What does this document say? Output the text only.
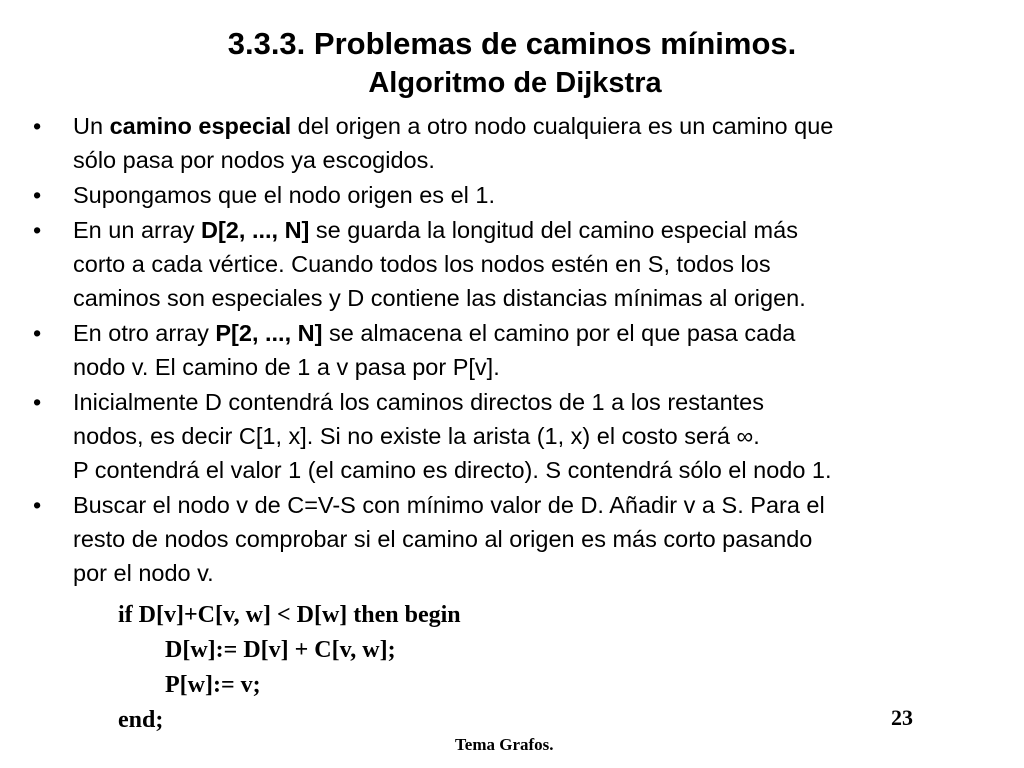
3.3.3. Problemas de caminos mínimos.
Algoritmo de Dijkstra
• Un camino especial del origen a otro nodo cualquiera es un camino que
sólo pasa por nodos ya escogidos.
• Supongamos que el nodo origen es el 1.
• En un array D[2, ..., N] se guarda la longitud del camino especial más
corto a cada vértice. Cuando todos los nodos estén en S, todos los
caminos son especiales y D contiene las distancias mínimas al origen.
• En otro array P[2, ..., N] se almacena el camino por el que pasa cada
nodo v. El camino de 1 a v pasa por P[v].
• Inicialmente D contendrá los caminos directos de 1 a los restantes
nodos, es decir C[1, x]. Si no existe la arista (1, x) el costo será ∞.
P contendrá el valor 1 (el camino es directo). S contendrá sólo el nodo 1.
• Buscar el nodo v de C=V-S con mínimo valor de D. Añadir v a S. Para el
resto de nodos comprobar si el camino al origen es más corto pasando
por el nodo v.
if D[v]+C[v, w] < D[w] then begin
D[w]:= D[v] + C[v, w];
P[w]:= v;
end;	23
Tema Grafos.
